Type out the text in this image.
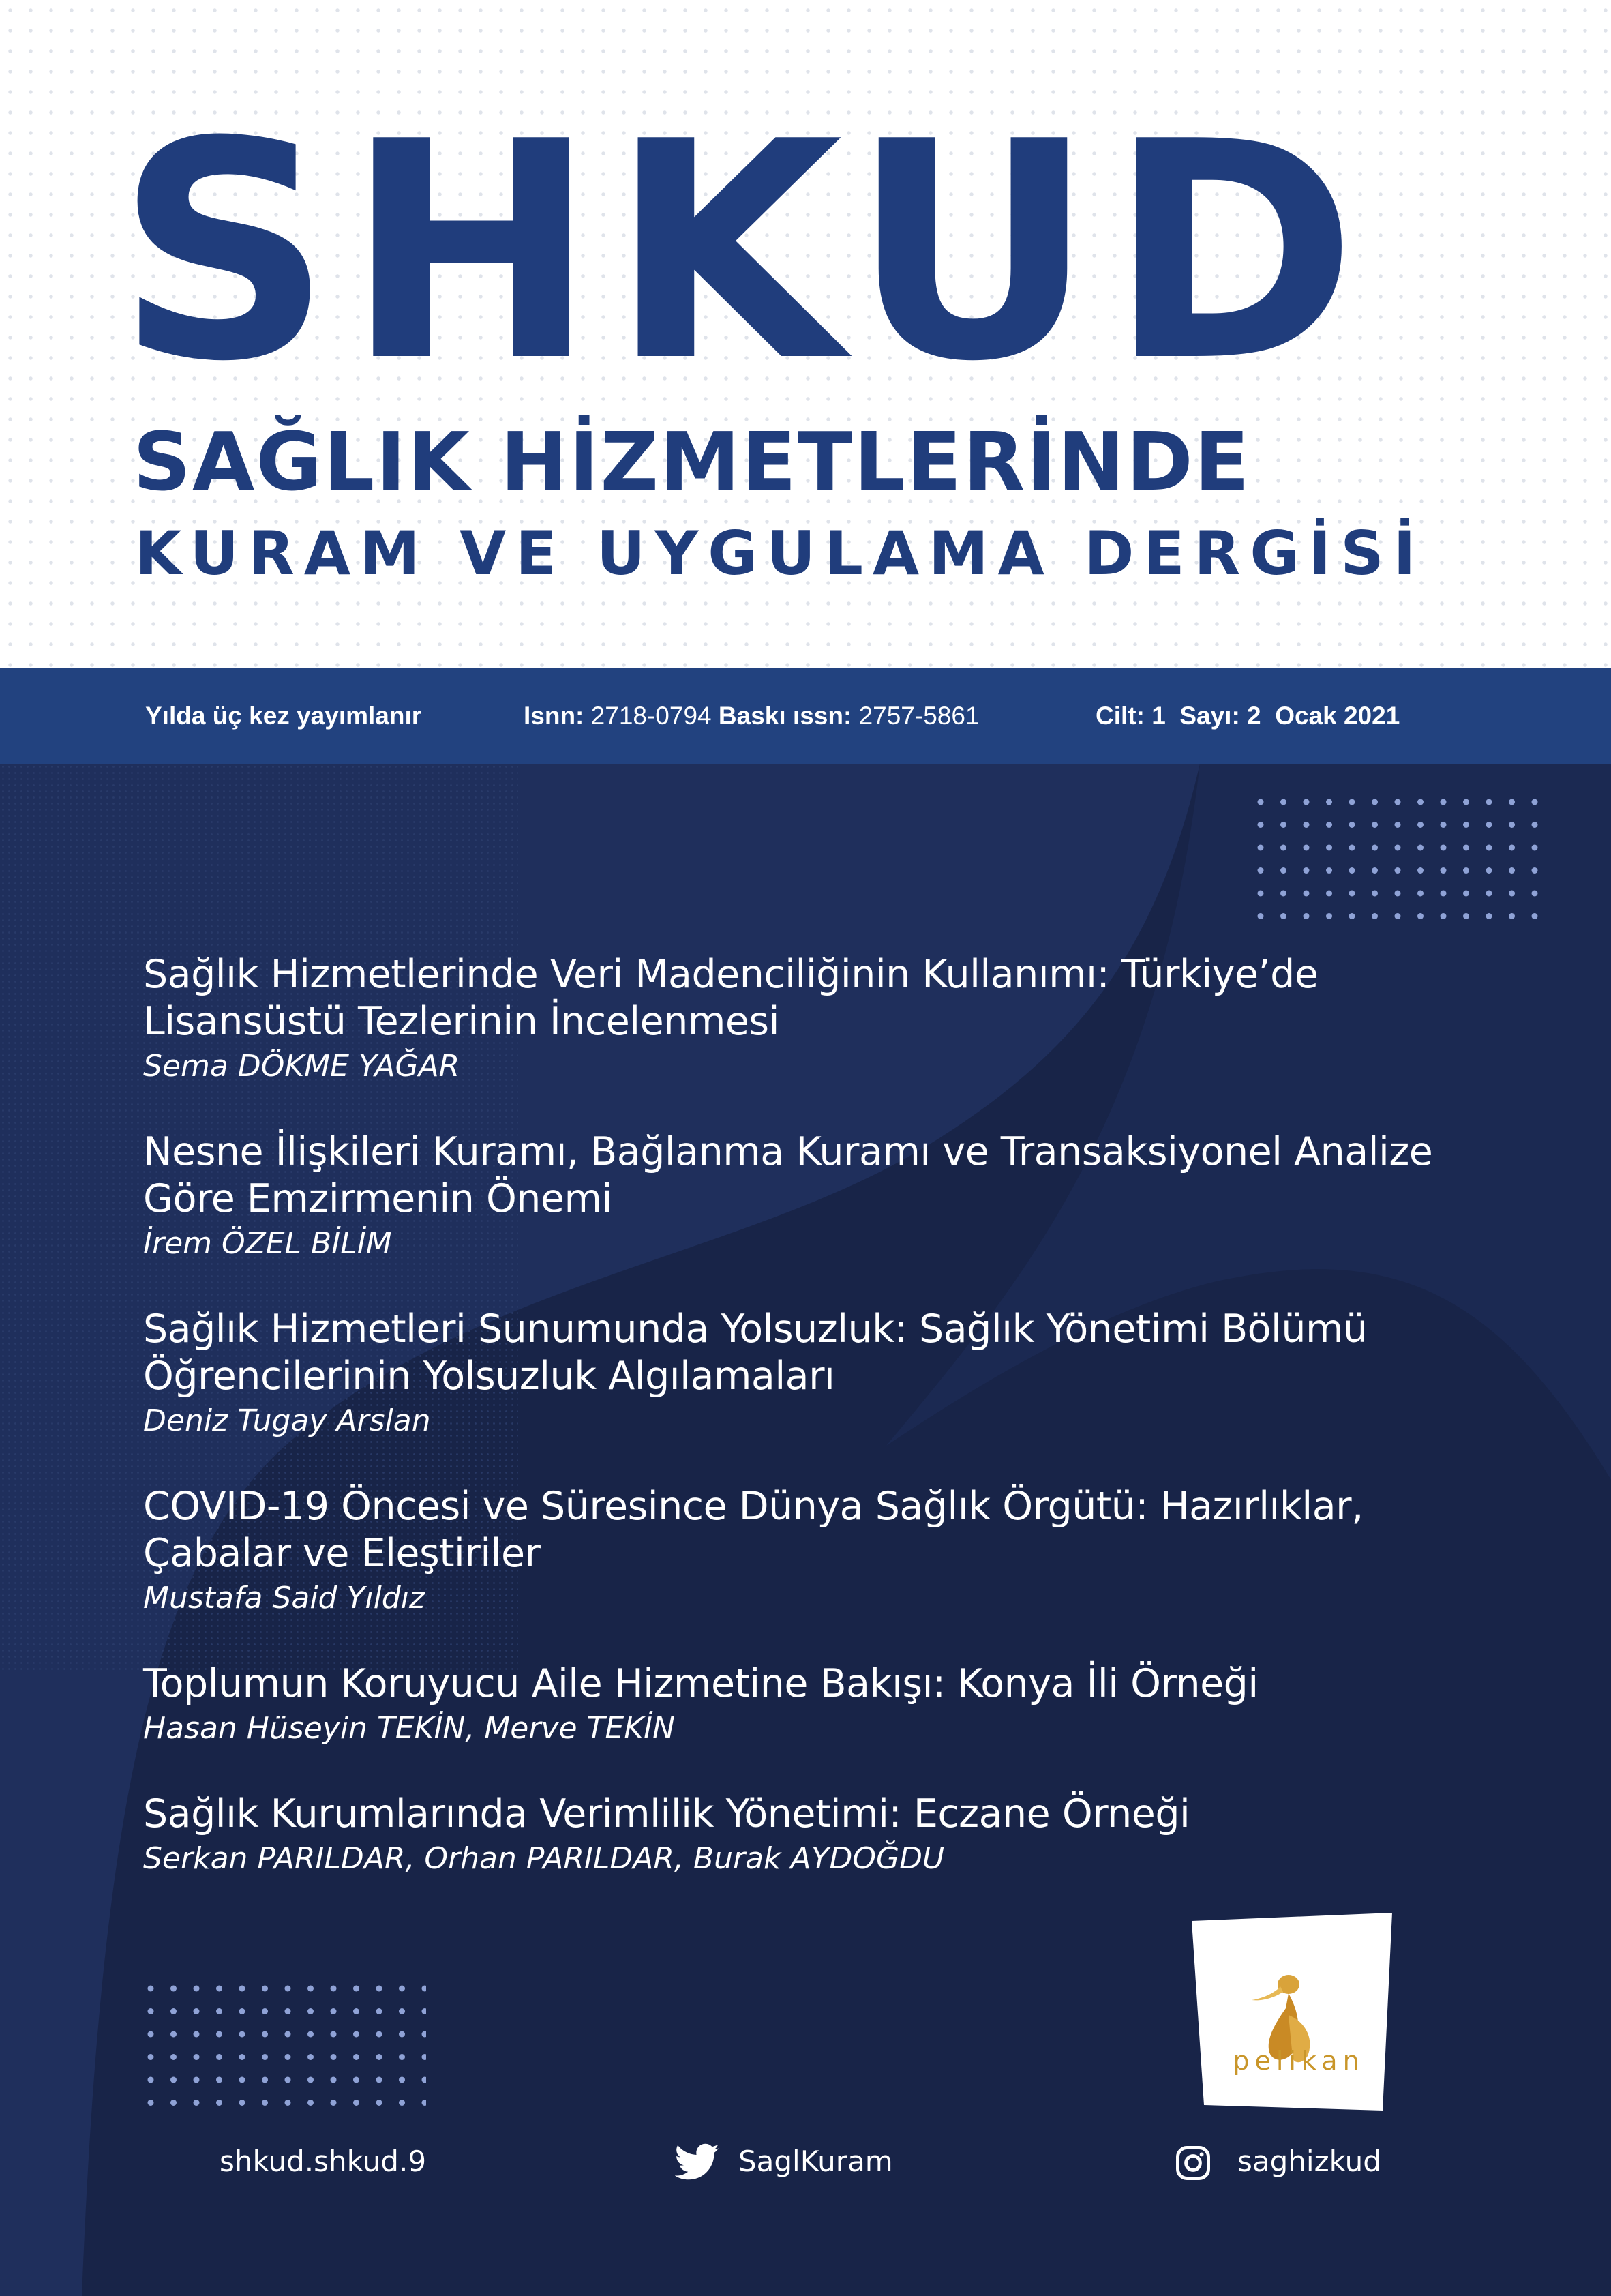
SHKUD
SAĞLIK HİZMETLERİNDE
KURAM VE UYGULAMA DERGİSİ
Yılda üç kez yayımlanır	Isnn: 2718-0794 Baskı ıssn: 2757-5861	Cilt: 1  Sayı: 2  Ocak 2021
Sağlık Hizmetlerinde Veri Madenciliğinin Kullanımı: Türkiye’de
Lisansüstü Tezlerinin İncelenmesi
Sema DÖKME YAĞAR
Nesne İlişkileri Kuramı, Bağlanma Kuramı ve Transaksiyonel Analize
Göre Emzirmenin Önemi
İrem ÖZEL BİLİM
Sağlık Hizmetleri Sunumunda Yolsuzluk: Sağlık Yönetimi Bölümü
Öğrencilerinin Yolsuzluk Algılamaları
Deniz Tugay Arslan
COVID-19 Öncesi ve Süresince Dünya Sağlık Örgütü: Hazırlıklar,
Çabalar ve Eleştiriler
Mustafa Said Yıldız
Toplumun Koruyucu Aile Hizmetine Bakışı: Konya İli Örneği
Hasan Hüseyin TEKİN, Merve TEKİN
Sağlık Kurumlarında Verimlilik Yönetimi: Eczane Örneği
Serkan PARILDAR, Orhan PARILDAR, Burak AYDOĞDU
pelikan
shkud.shkud.9	SaglKuram	saghizkud
